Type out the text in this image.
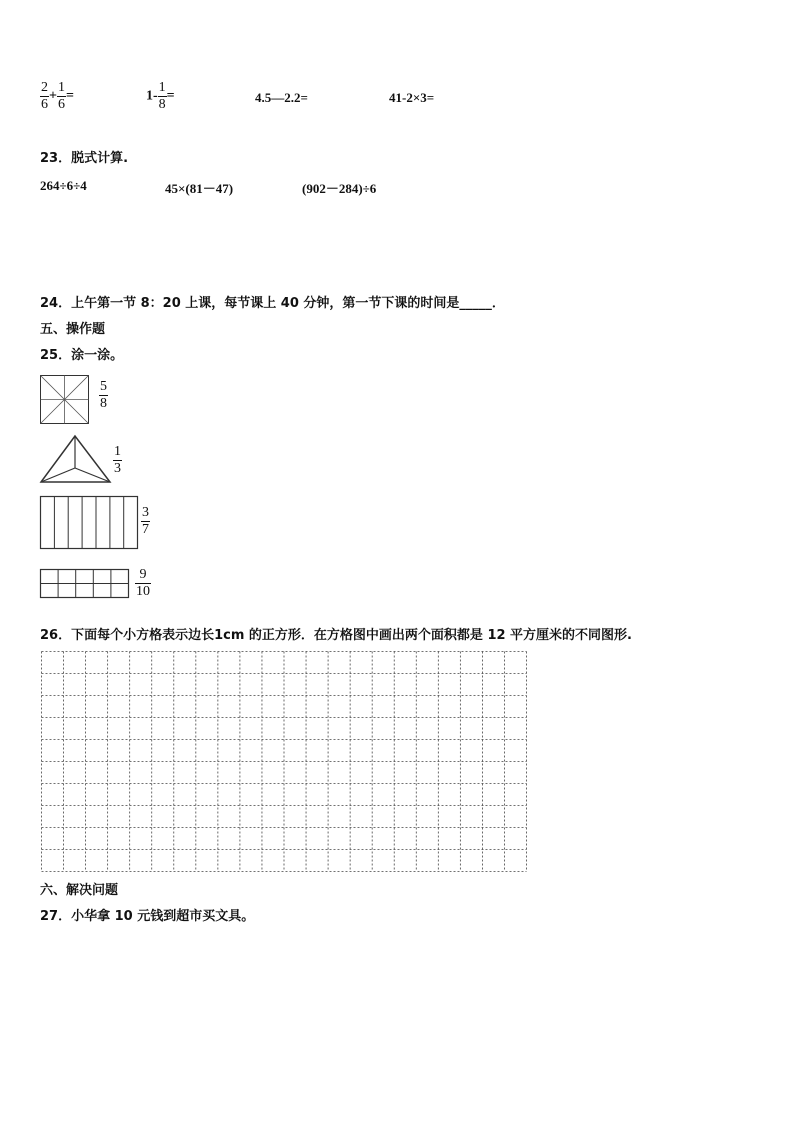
$\frac{2}{6} + \frac{1}{6}$ =	$1- \frac{1}{8}$ =	4.5—2.2=	41-2×3=
23．脱式计算.
264÷6÷4	45×(81－47)	(902－284)÷6
24．上午第一节 8：20 上课，每节课上 40 分钟，第一节下课的时间是_____．
五、操作题
25．涂一涂。
$\frac{5}{8}$
$\frac{1}{3}$
$\frac{3}{7}$
$\frac{9}{10}$
26．下面每个小方格表示边长1cm 的正方形．在方格图中画出两个面积都是 12 平方厘米的不同图形.
六、解决问题
27．小华拿 10 元钱到超市买文具。
